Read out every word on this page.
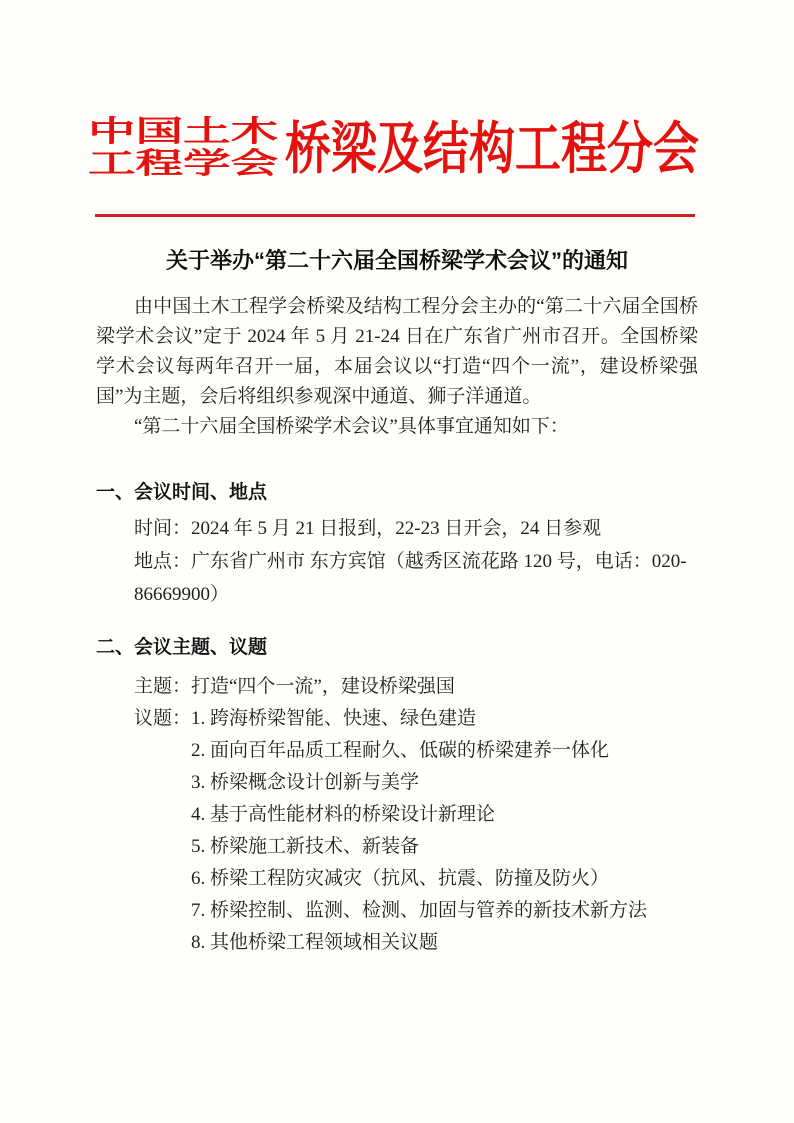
中国土木
工程学会 桥梁及结构工程分会
关于举办“第二十六届全国桥梁学术会议”的通知

由中国土木工程学会桥梁及结构工程分会主办的“第二十六届全国桥梁学术会议”定于 2024 年 5 月 21-24 日在广东省广州市召开。全国桥梁学术会议每两年召开一届，本届会议以“打造“四个一流”，建设桥梁强国”为主题，会后将组织参观深中通道、狮子洋通道。

“第二十六届全国桥梁学术会议”具体事宜通知如下：

一、会议时间、地点

时间：2024 年 5 月 21 日报到，22-23 日开会，24 日参观

地点：广东省广州市 东方宾馆（越秀区流花路 120 号，电话：020-86669900）

二、会议主题、议题

主题：打造“四个一流”，建设桥梁强国

议题： 1. 跨海桥梁智能、快速、绿色建造
2. 面向百年品质工程耐久、低碳的桥梁建养一体化
3. 桥梁概念设计创新与美学
4. 基于高性能材料的桥梁设计新理论
5. 桥梁施工新技术、新装备
6. 桥梁工程防灾减灾（抗风、抗震、防撞及防火）
7. 桥梁控制、监测、检测、加固与管养的新技术新方法
8. 其他桥梁工程领域相关议题
